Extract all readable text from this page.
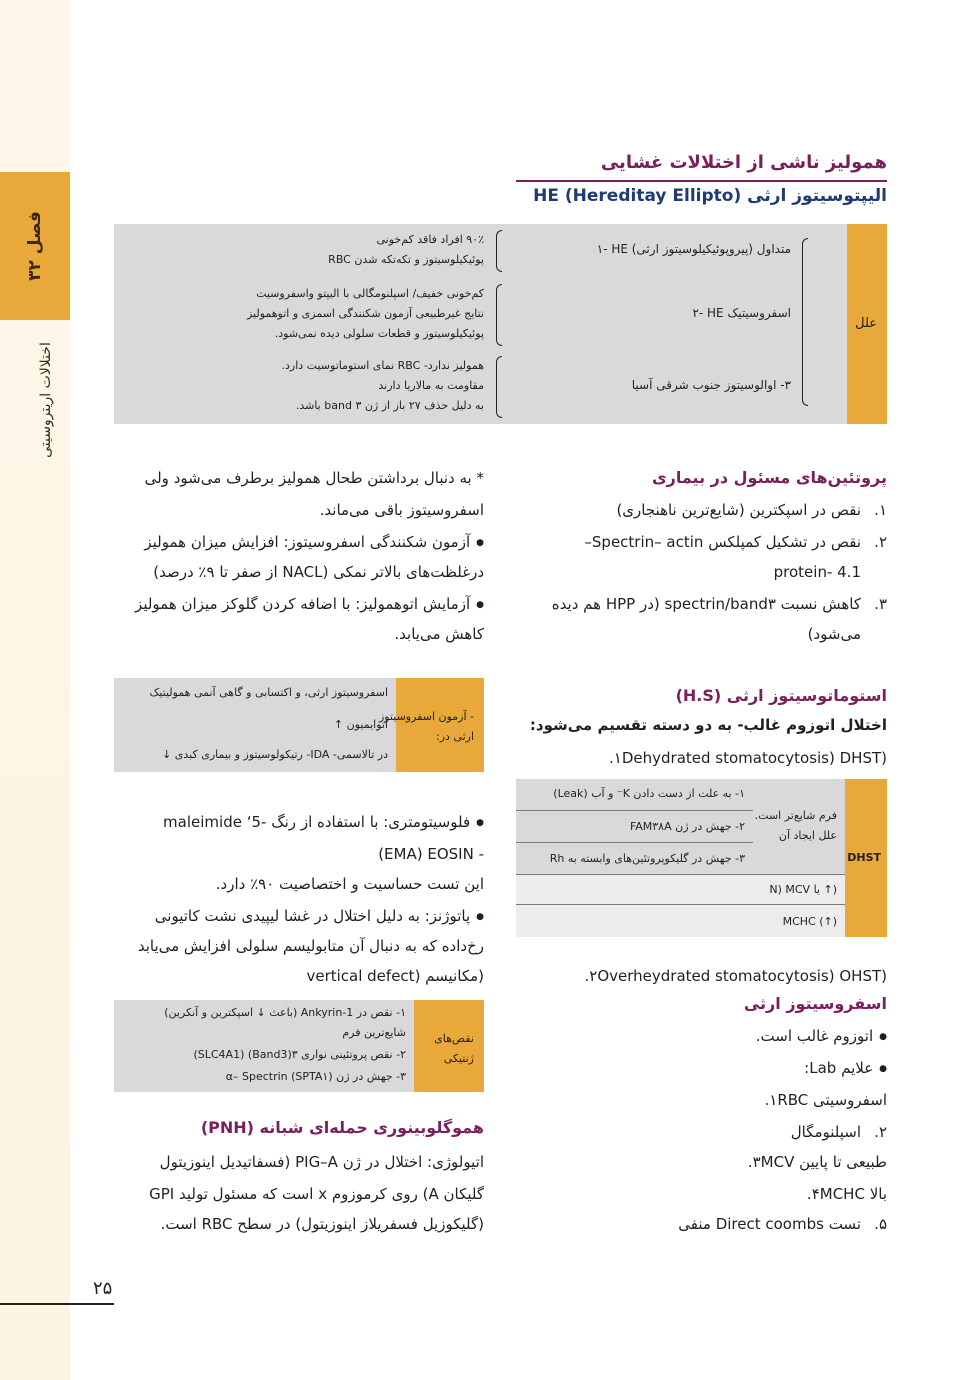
فصل ۳۲
اختلالات اریتروسیتی
همولیز ناشی از اختلالات غشایی
الیپتوسیتوز ارثی (HE (Hereditay Ellipto
علل
۱- HE متداول (پیروپوئیکیلوسیتوز ارثی)
۲- HE اسفروسیتیک
۳- اوالوسیتوز جنوب شرقی آسیا
۹۰٪ افراد فاقد کم‌خونی
پوئیکیلوسیتوز و تکه‌تکه شدن RBC
کم‌خونی خفیف/ اسپلنومگالی با الیپتو واسفروسیت
نتایج غیرطبیعی آزمون شکنندگی اسمزی و اتوهمولیز
پوئیکیلوسیتوز و قطعات سلولی دیده نمی‌شود.
همولیز ندارد- RBC نمای استوماتوسیت دارد.
مقاومت به مالاریا دارند
به دلیل حذف ۲۷ باز از ژن ۳ band باشد.
پروتئین‌های مسئول در بیماری
۱.نقص در اسپکترین (شایع‌ترین ناهنجاری)
۲.نقص در تشکیل کمپلکس Spectrin– actin–
protein- 4.1
۳.کاهش نسبت spectrin/band۳ (در HPP هم دیده
می‌شود)
* به دنبال برداشتن طحال همولیز برطرف می‌شود ولی
اسفروسیتوز باقی می‌ماند.
● آزمون شکنندگی اسفروسیتوز: افزایش میزان همولیز
درغلظت‌های بالاتر نمکی (NACL از صفر تا ۹٪ درصد)
● آزمایش اتوهمولیز: با اضافه کردن گلوکز میزان همولیز
کاهش می‌یابد.
- آزمون اسفروسیتوز
ارثی در:
اسفروسیتوز ارثی، و اکتسابی و گاهی آنمی همولیتیک
اتوایمیون ↑
در تالاسمی- IDA- رتیکولوسیتوز و بیماری کبدی ↓
استوماتوسیتوز ارثی (H.S)
اختلال اتوزوم غالب- به دو دسته تقسیم می‌شود:
۱.Dehydrated stomatocytosis) DHST)
DHST
فرم شایع‌تر است.
علل ایجاد آن
۱- به علت از دست دادن K⁻ و آب (Leak)
۲- جهش در ژن FAM۳۸A
۳- جهش در گلیکوپروتئین‌های وابسته به Rh
N) MCV یا ↑)
MCHC (↑)
● فلوسیتومتری: با استفاده از رنگ -maleimide ‘5
(EMA) EOSIN -
این تست حساسیت و اختصاصیت ۹۰٪ دارد.
● پاتوژنز: به دلیل اختلال در غشا لیپیدی نشت کاتیونی
رخ‌داده که به دنبال آن متابولیسم سلولی افزایش می‌یابد
(مکانیسم (vertical defect	۲.Overheydrated stomatocytosis) OHST)
نقص‌های
ژنتیکی
۱- نقص در Ankyrin-1 (باعث ↓ اسپکترین و آنکرین)
شایع‌ترین فرم
۲- نقص پروتئینی نواری ۳(Band3) (SLC4A1)
۳- جهش در ژن α– Spectrin (SPTA۱)
اسفروسیتوز ارثی
● اتوزوم غالب است.
● علایم Lab:
۱.RBC اسفروسیتی
۲.اسپلنومگال
۳.MCV طبیعی تا پایین
۴.MCHC بالا
۵.تست Direct coombs منفی
هموگلوبینوری حمله‌ای شبانه (PNH)
اتیولوژی: اختلال در ژن PIG–A (فسفاتیدیل اینوزیتول
گلیکان A) روی کرموزوم x است که مسئول تولید GPI
(گلیکوزیل فسفریلاز اینوزیتول) در سطح RBC است.
۲۵
